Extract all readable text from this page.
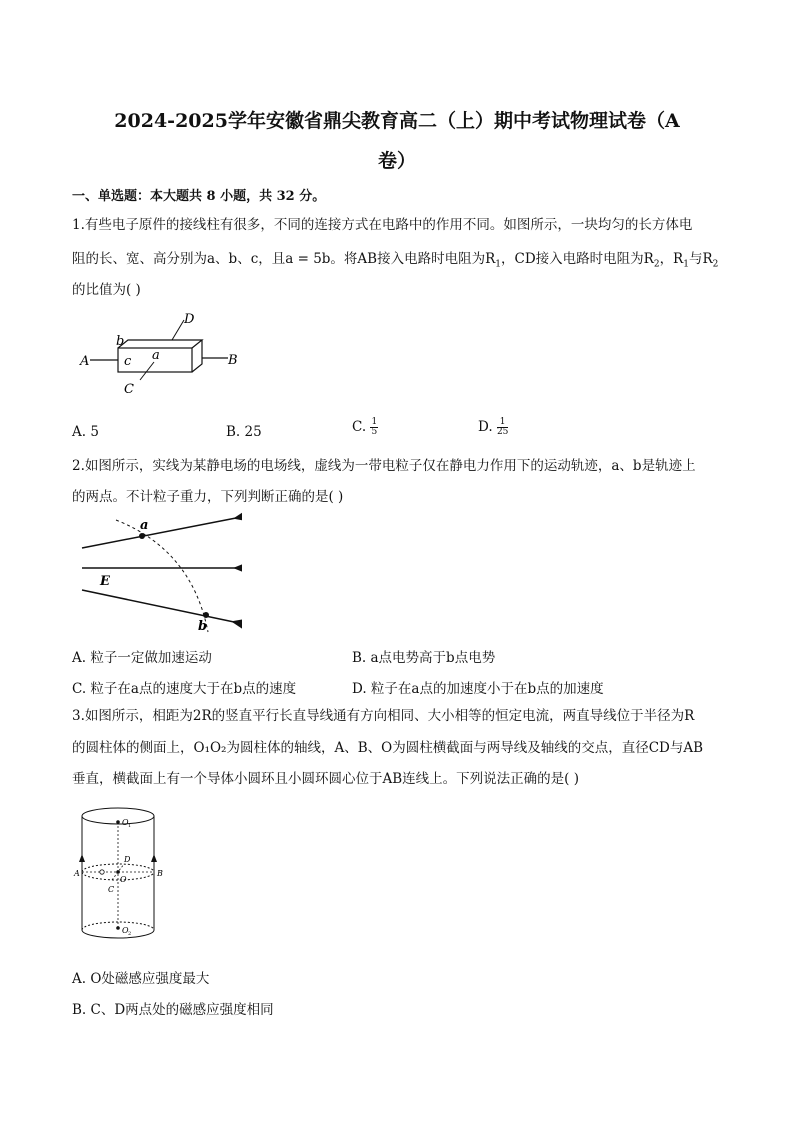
2024-2025学年安徽省鼎尖教育高二（上）期中考试物理试卷（A
卷）
一、单选题：本大题共 8 小题，共 32 分。
1.有些电子原件的接线柱有很多，不同的连接方式在电路中的作用不同。如图所示，一块均匀的长方体电
阻的长、宽、高分别为a、b、c，且a = 5b。将AB接入电路时电阻为$R_1$，CD接入电路时电阻为$R_2$，$R_1$与$R_2$
的比值为( )
A	B
C
D
a
b
c
A. 5	B. 25	C. $\frac{1}{5}$	D. $\frac{1}{25}$
2.如图所示，实线为某静电场的电场线，虚线为一带电粒子仅在静电力作用下的运动轨迹，a、b是轨迹上
的两点。不计粒子重力，下列判断正确的是( )
a
b
E
A. 粒子一定做加速运动	B. a点电势高于b点电势
C. 粒子在a点的速度大于在b点的速度	D. 粒子在a点的加速度小于在b点的加速度
3.如图所示，相距为2R的竖直平行长直导线通有方向相同、大小相等的恒定电流，两直导线位于半径为R
的圆柱体的侧面上，O₁O₂为圆柱体的轴线，A、B、O为圆柱横截面与两导线及轴线的交点，直径CD与AB
垂直，横截面上有一个导体小圆环且小圆环圆心位于AB连线上。下列说法正确的是( )
O 1
O 2
A	B
C
D
O
A. O处磁感应强度最大
B. C、D两点处的磁感应强度相同
